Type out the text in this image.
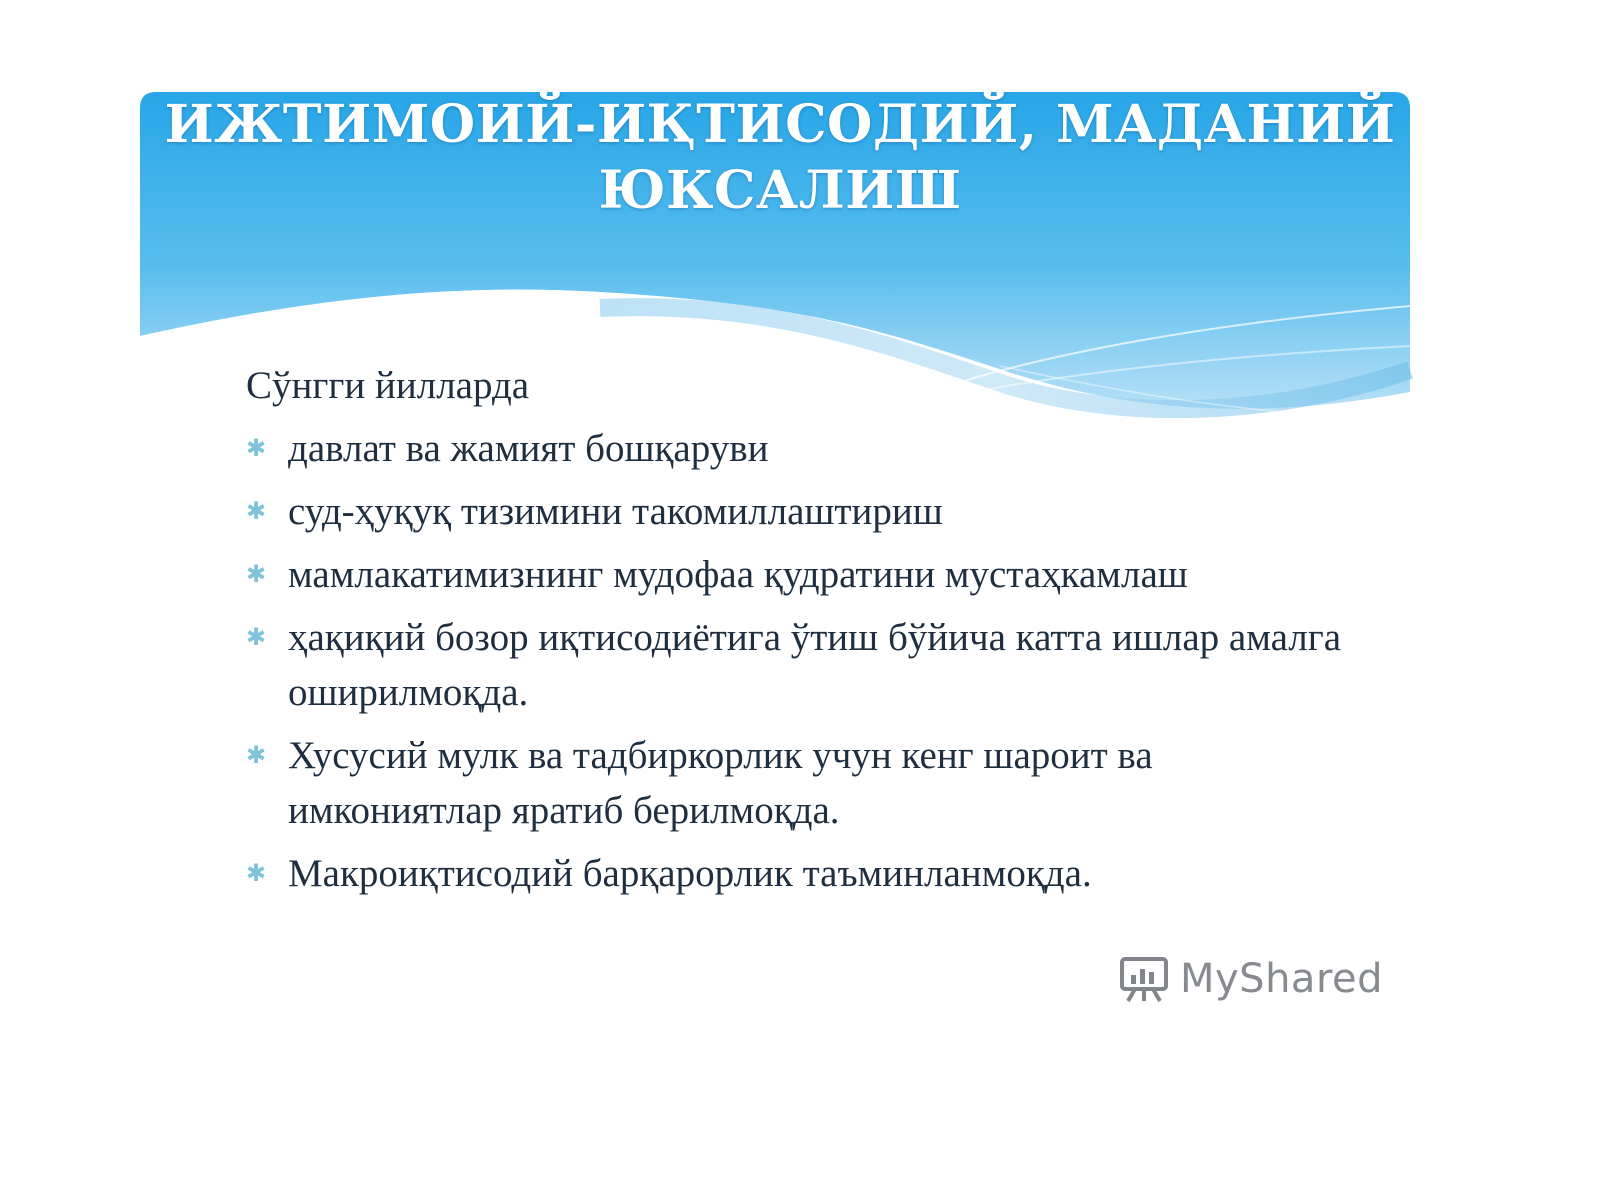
ИЖТИМОИЙ-ИҚТИСОДИЙ, МАДАНИЙ ЮКСАЛИШ

Сўнгги йилларда

✱ давлат ва жамият бошқаруви
✱ суд-ҳуқуқ тизимини такомиллаштириш
✱ мамлакатимизнинг мудофаа қудратини мустаҳкамлаш
✱ ҳақиқий бозор иқтисодиётига ўтиш бўйича катта ишлар амалга оширилмоқда.
✱ Хусусий мулк ва тадбиркорлик учун кенг шароит ва имкониятлар яратиб берилмоқда.
✱ Макроиқтисодий барқарорлик таъминланмоқда.
MyShared
